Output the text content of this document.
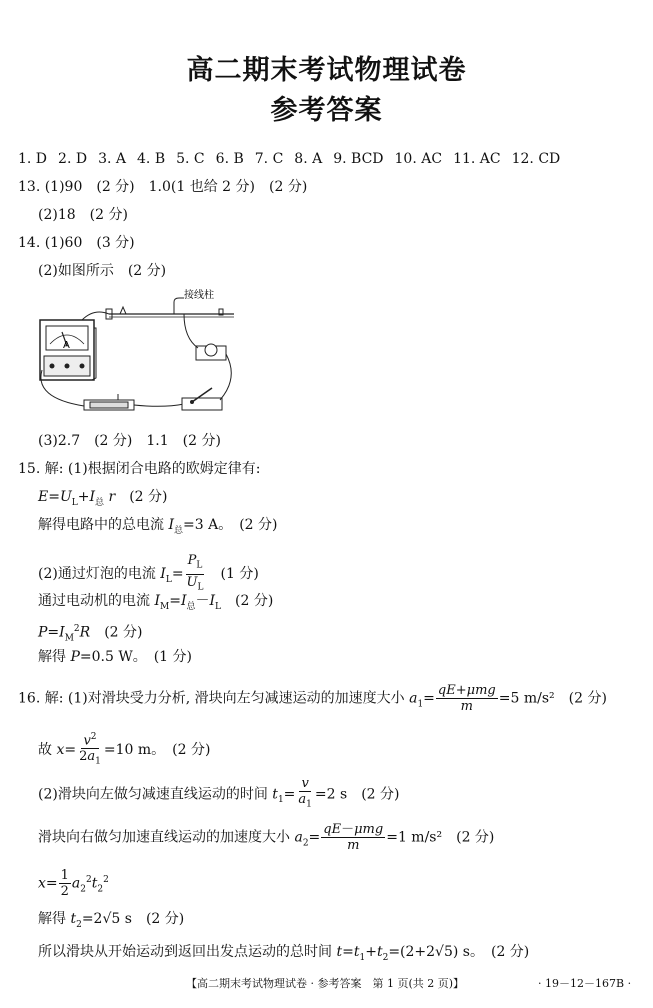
高二期末考试物理试卷
参考答案
1. D 2. D 3. A 4. B 5. C 6. B 7. C 8. A 9. BCD 10. AC 11. AC 12. CD
13. (1)90　(2 分)　1.0(1 也给 2 分)　(2 分)
(2)18　(2 分)
14. (1)60　(3 分)
(2)如图所示　(2 分)
接线柱
A
(3)2.7　(2 分)　1.1　(2 分)
15. 解: (1)根据闭合电路的欧姆定律有:
$E=U_L+I_总$ r　 (2 分)
解得电路中的总电流 $I_总=3$ A。　 (2 分)
(2)通过灯泡的电流 $I_L= \frac{P_L}{U_L}$
　 (1 分)
通过电动机的电流 $I_M=I_总-I_L$　 (2 分)
$P=I_M^2R$　 (2 分)
解得 P=0.5 W。　 (1 分)
16. 解: (1)对滑块受力分析, 滑块向左匀减速运动的加速度大小 $a_1= \frac{\text{qE+μmg}}{m} =5$ m/s²　 (2 分)
故 $x= \frac{v^2}{2a_1} =10$ m。　 (2 分)
(2)滑块向左做匀减速直线运动的时间 $t_1= \frac{v}{a_1} =2$ s　 (2 分)
滑块向右做匀加速直线运动的加速度大小 $a_2= \frac{\text{qE－μmg}}{m} =1$ m/s²　 (2 分)
$x= \frac{1}{2} a_2^2t_2^2$
解得 $t_2=2√5$ s　 (2 分)
所以滑块从开始运动到返回出发点运动的总时间 $t=t_1+t_2=(2+2√5)$ s。　 (2 分)
【高二期末考试物理试卷 · 参考答案　第 1 页(共 2 页)】	· 19－12－167B ·
